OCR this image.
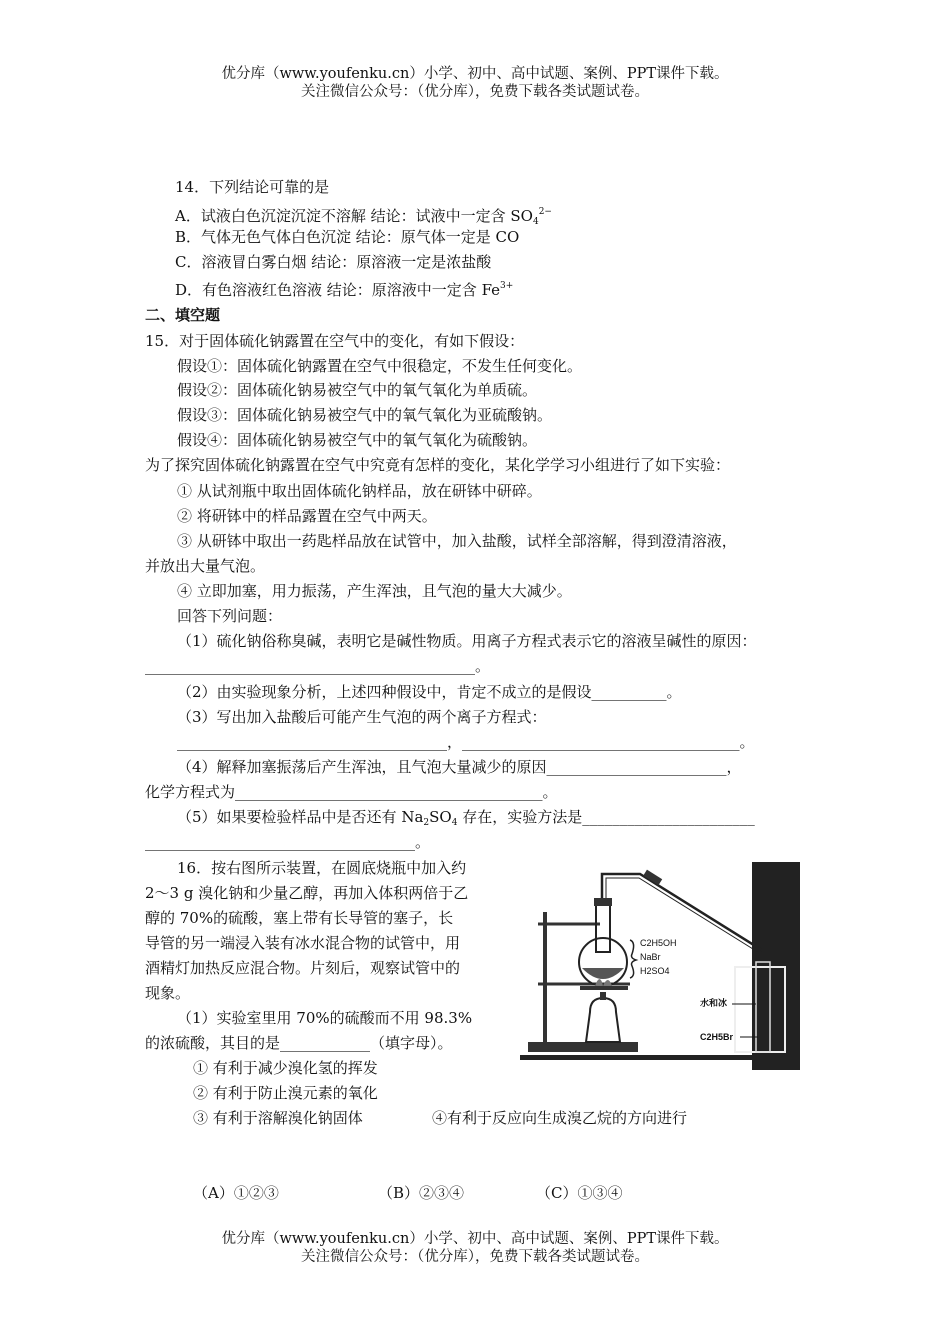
优分库（www.youfenku.cn）小学、初中、高中试题、案例、PPT课件下载。
关注微信公众号：（优分库），免费下载各类试题试卷。
14．下列结论可靠的是
A．试液白色沉淀沉淀不溶解 结论：试液中一定含 $SO_4^{2-}$
B．气体无色气体白色沉淀 结论：原气体一定是 CO
C．溶液冒白雾白烟 结论：原溶液一定是浓盐酸
D．有色溶液红色溶液 结论：原溶液中一定含 $Fe^{3+}$
二、填空题
15．对于固体硫化钠露置在空气中的变化，有如下假设：
假设①：固体硫化钠露置在空气中很稳定，不发生任何变化。
假设②：固体硫化钠易被空气中的氧气氧化为单质硫。
假设③：固体硫化钠易被空气中的氧气氧化为亚硫酸钠。
假设④：固体硫化钠易被空气中的氧气氧化为硫酸钠。
为了探究固体硫化钠露置在空气中究竟有怎样的变化，某化学学习小组进行了如下实验：
① 从试剂瓶中取出固体硫化钠样品，放在研钵中研碎。
② 将研钵中的样品露置在空气中两天。
③ 从研钵中取出一药匙样品放在试管中，加入盐酸，试样全部溶解，得到澄清溶液，
并放出大量气泡。
④ 立即加塞，用力振荡，产生浑浊，且气泡的量大大减少。
回答下列问题：
（1）硫化钠俗称臭碱，表明它是碱性物质。用离子方程式表示它的溶液呈碱性的原因：
____________________________________________。
（2）由实验现象分析，上述四种假设中，肯定不成立的是假设__________。
（3）写出加入盐酸后可能产生气泡的两个离子方程式：
____________________________________，_____________________________________。
（4）解释加塞振荡后产生浑浊，且气泡大量减少的原因________________________，
化学方程式为_________________________________________。
（5）如果要检验样品中是否还有 $Na_2SO_4$ 存在，实验方法是_______________________
____________________________________。
16．按右图所示装置，在圆底烧瓶中加入约
2～3 g 溴化钠和少量乙醇，再加入体积两倍于乙
醇的 70%的硫酸，塞上带有长导管的塞子，长
导管的另一端浸入装有冰水混合物的试管中，用
酒精灯加热反应混合物。片刻后，观察试管中的
现象。
（1）实验室里用 70%的硫酸而不用 98.3%
的浓硫酸，其目的是____________（填字母）。
① 有利于减少溴化氢的挥发
② 有利于防止溴元素的氧化
③ 有利于溶解溴化钠固体	④有利于反应向生成溴乙烷的方向进行
（A）①②③	（B）②③④	（C）①③④
C2H5OH
NaBr
H2SO4
水和冰
C2H5Br
优分库（www.youfenku.cn）小学、初中、高中试题、案例、PPT课件下载。
关注微信公众号：（优分库），免费下载各类试题试卷。
